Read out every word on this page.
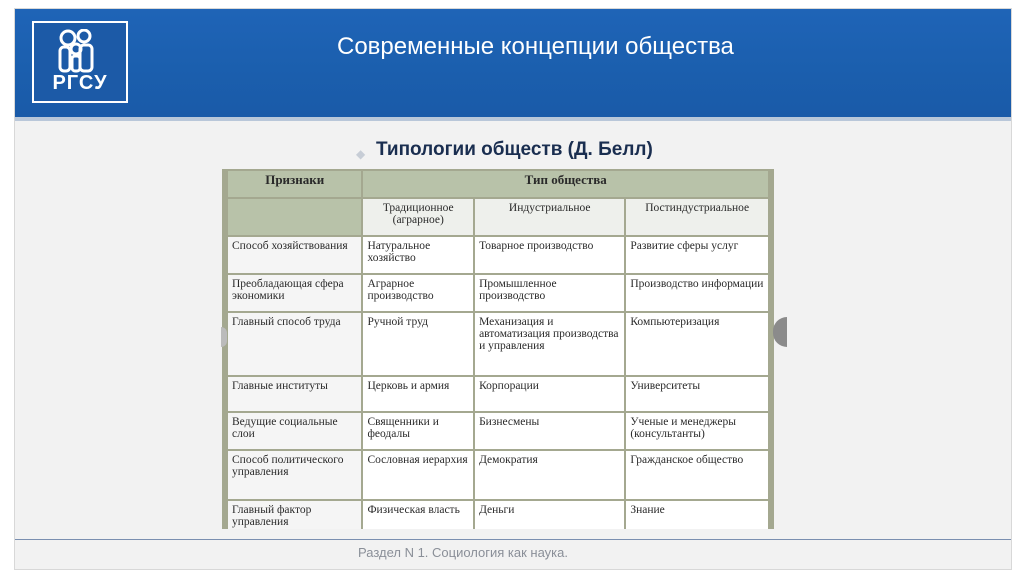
РГСУ
Современные концепции общества
◆ Типологии обществ (Д. Белл)
Признаки	Тип общества		
	Традиционное (аграрное)	Индустриальное	Постиндустриальное
Способ хозяйствования	Натуральное хозяйство	Товарное производство	Развитие сферы услуг
Преобладающая сфера экономики	Аграрное производство	Промышленное производство	Производство информации
Главный способ труда	Ручной труд	Механизация и автоматизация производства и управления	Компьютеризация
Главные институты	Церковь и армия	Корпорации	Университеты
Ведущие социальные слои	Священники и феодалы	Бизнесмены	Ученые и менеджеры (консультанты)
Способ политического управления	Сословная иерархия	Демократия	Гражданское общество
Главный фактор управления	Физическая власть	Деньги	Знание
Раздел N 1. Социология как наука.
